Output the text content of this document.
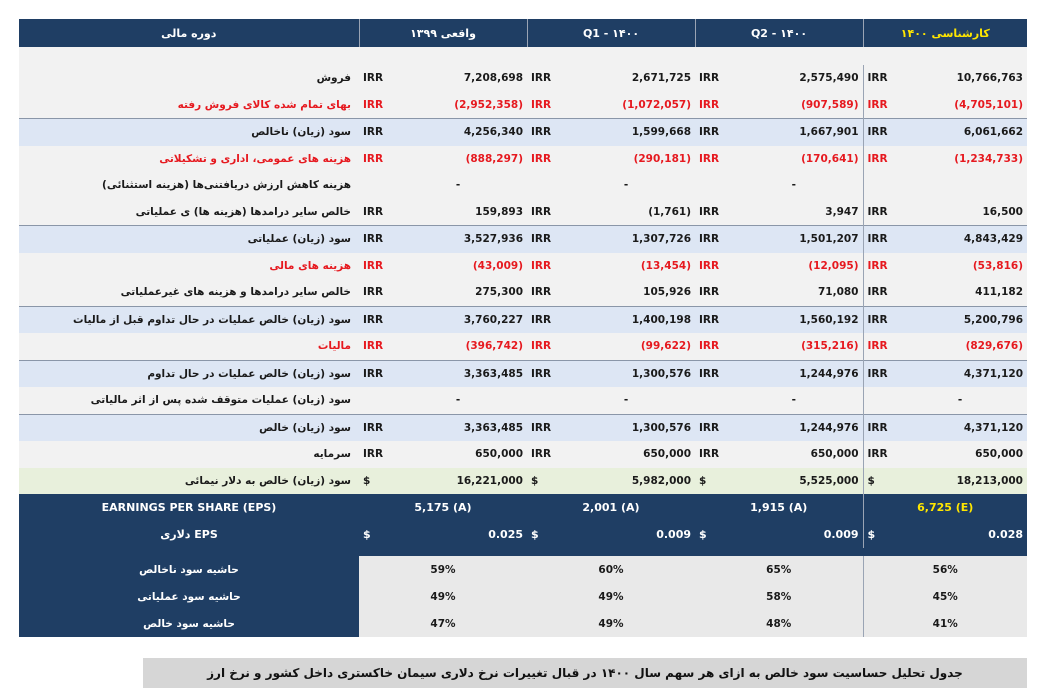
دوره مالی	واقعی ۱۳۹۹		Q1 - ۱۴۰۰		Q2 - ۱۴۰۰		کارشناسی ۱۴۰۰	

فروش	IRR	7,208,698	IRR	2,671,725	IRR	2,575,490	IRR	10,766,763
بهای تمام شده کالای فروش رفته	IRR	(2,952,358)	IRR	(1,072,057)	IRR	(907,589)	IRR	(4,705,101)
سود (زیان) ناخالص	IRR	4,256,340	IRR	1,599,668	IRR	1,667,901	IRR	6,061,662
هزینه های عمومی، اداری و تشکیلاتی	IRR	(888,297)	IRR	(290,181)	IRR	(170,641)	IRR	(1,234,733)
هزینه کاهش ارزش دریافتنی‌ها (هزینه استثنائی)		-		-		-		
خالص سایر درامدها (هزینه ها) ی عملیاتی	IRR	159,893	IRR	(1,761)	IRR	3,947	IRR	16,500
سود (زیان) عملیاتی	IRR	3,527,936	IRR	1,307,726	IRR	1,501,207	IRR	4,843,429
هزینه های مالی	IRR	(43,009)	IRR	(13,454)	IRR	(12,095)	IRR	(53,816)
خالص سایر درامدها و هزینه های غیرعملیاتی	IRR	275,300	IRR	105,926	IRR	71,080	IRR	411,182
سود (زیان) خالص عملیات در حال تداوم قبل از مالیات	IRR	3,760,227	IRR	1,400,198	IRR	1,560,192	IRR	5,200,796
مالیات	IRR	(396,742)	IRR	(99,622)	IRR	(315,216)	IRR	(829,676)
سود (زیان) خالص عملیات در حال تداوم	IRR	3,363,485	IRR	1,300,576	IRR	1,244,976	IRR	4,371,120
سود (زیان) عملیات متوقف شده پس از اثر مالیاتی		-		-		-		-
سود (زیان) خالص	IRR	3,363,485	IRR	1,300,576	IRR	1,244,976	IRR	4,371,120
سرمایه	IRR	650,000	IRR	650,000	IRR	650,000	IRR	650,000
سود (زیان) خالص به دلار نیمائی	$	16,221,000	$	5,982,000	$	5,525,000	$	18,213,000
EARNINGS PER SHARE (EPS)	5,175 (A)		2,001 (A)		1,915 (A)		6,725 (E)	
EPS دلاری	$	0.025	$	0.009	$	0.009	$	0.028

حاشیه سود ناخالص	59%		60%		65%		56%	
حاشیه سود عملیاتی	49%		49%		58%		45%	
حاشیه سود خالص	47%		49%		48%		41%	
جدول تحلیل حساسیت سود خالص به ازای هر سهم سال ۱۴۰۰ در قبال تغییرات نرخ دلاری سیمان خاکستری داخل کشور و نرخ ارز
